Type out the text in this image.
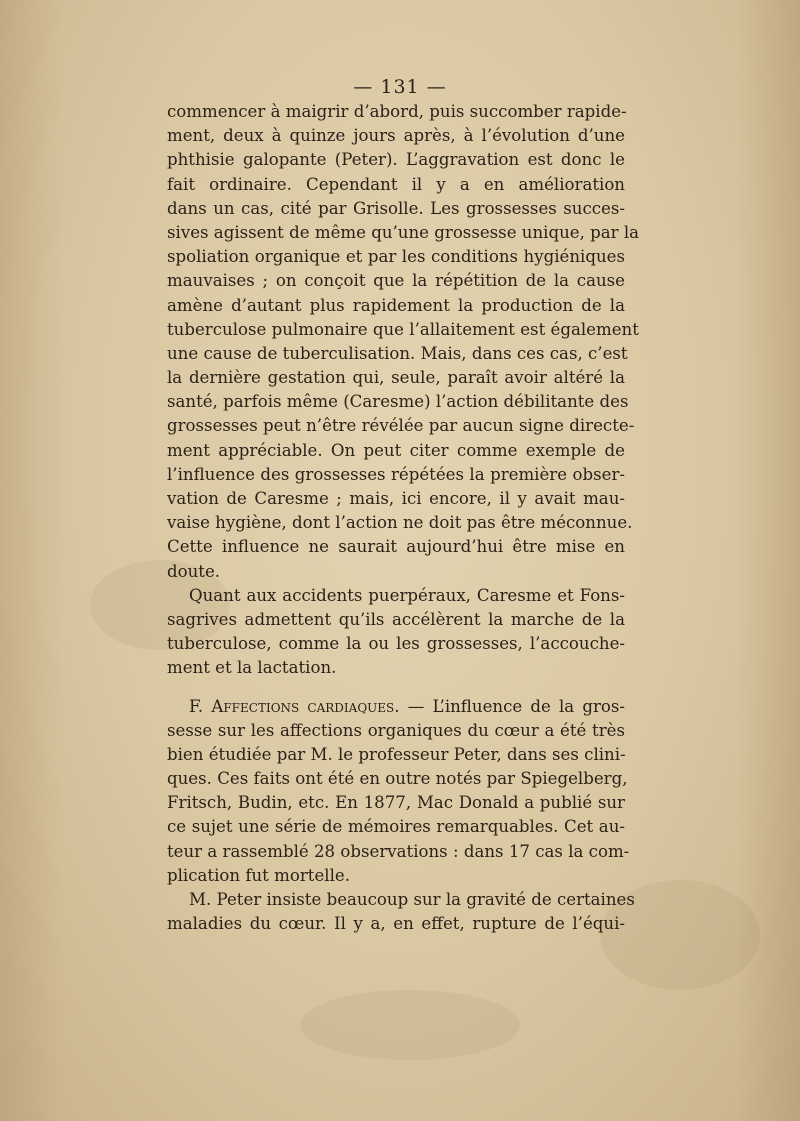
— 131 —
commencer à maigrir d’abord, puis succomber rapide-
ment, deux à quinze jours après, à l’évolution d’une
phthisie galopante (Peter). L’aggravation est donc le
fait ordinaire. Cependant il y a en amélioration
dans un cas, cité par Grisolle. Les grossesses succes-
sives agissent de même qu’une grossesse unique, par la
spoliation organique et par les conditions hygiéniques
mauvaises ; on conçoit que la répétition de la cause
amène d’autant plus rapidement la production de la
tuberculose pulmonaire que l’allaitement est également
une cause de tuberculisation. Mais, dans ces cas, c’est
la dernière gestation qui, seule, paraît avoir altéré la
santé, parfois même (Caresme) l’action débilitante des
grossesses peut n’être révélée par aucun signe directe-
ment appréciable. On peut citer comme exemple de
l’influence des grossesses répétées la première obser-
vation de Caresme ; mais, ici encore, il y avait mau-
vaise hygiène, dont l’action ne doit pas être méconnue.
Cette influence ne saurait aujourd’hui être mise en
doute.
Quant aux accidents puerpéraux, Caresme et Fons-
sagrives admettent qu’ils accélèrent la marche de la
tuberculose, comme la ou les grossesses, l’accouche-
ment et la lactation.
F. Affections cardiaques. — L’influence de la gros-
sesse sur les affections organiques du cœur a été très
bien étudiée par M. le professeur Peter, dans ses clini-
ques. Ces faits ont été en outre notés par Spiegelberg,
Fritsch, Budin, etc. En 1877, Mac Donald a publié sur
ce sujet une série de mémoires remarquables. Cet au-
teur a rassemblé 28 observations : dans 17 cas la com-
plication fut mortelle.
M. Peter insiste beaucoup sur la gravité de certaines
maladies du cœur. Il y a, en effet, rupture de l’équi-
